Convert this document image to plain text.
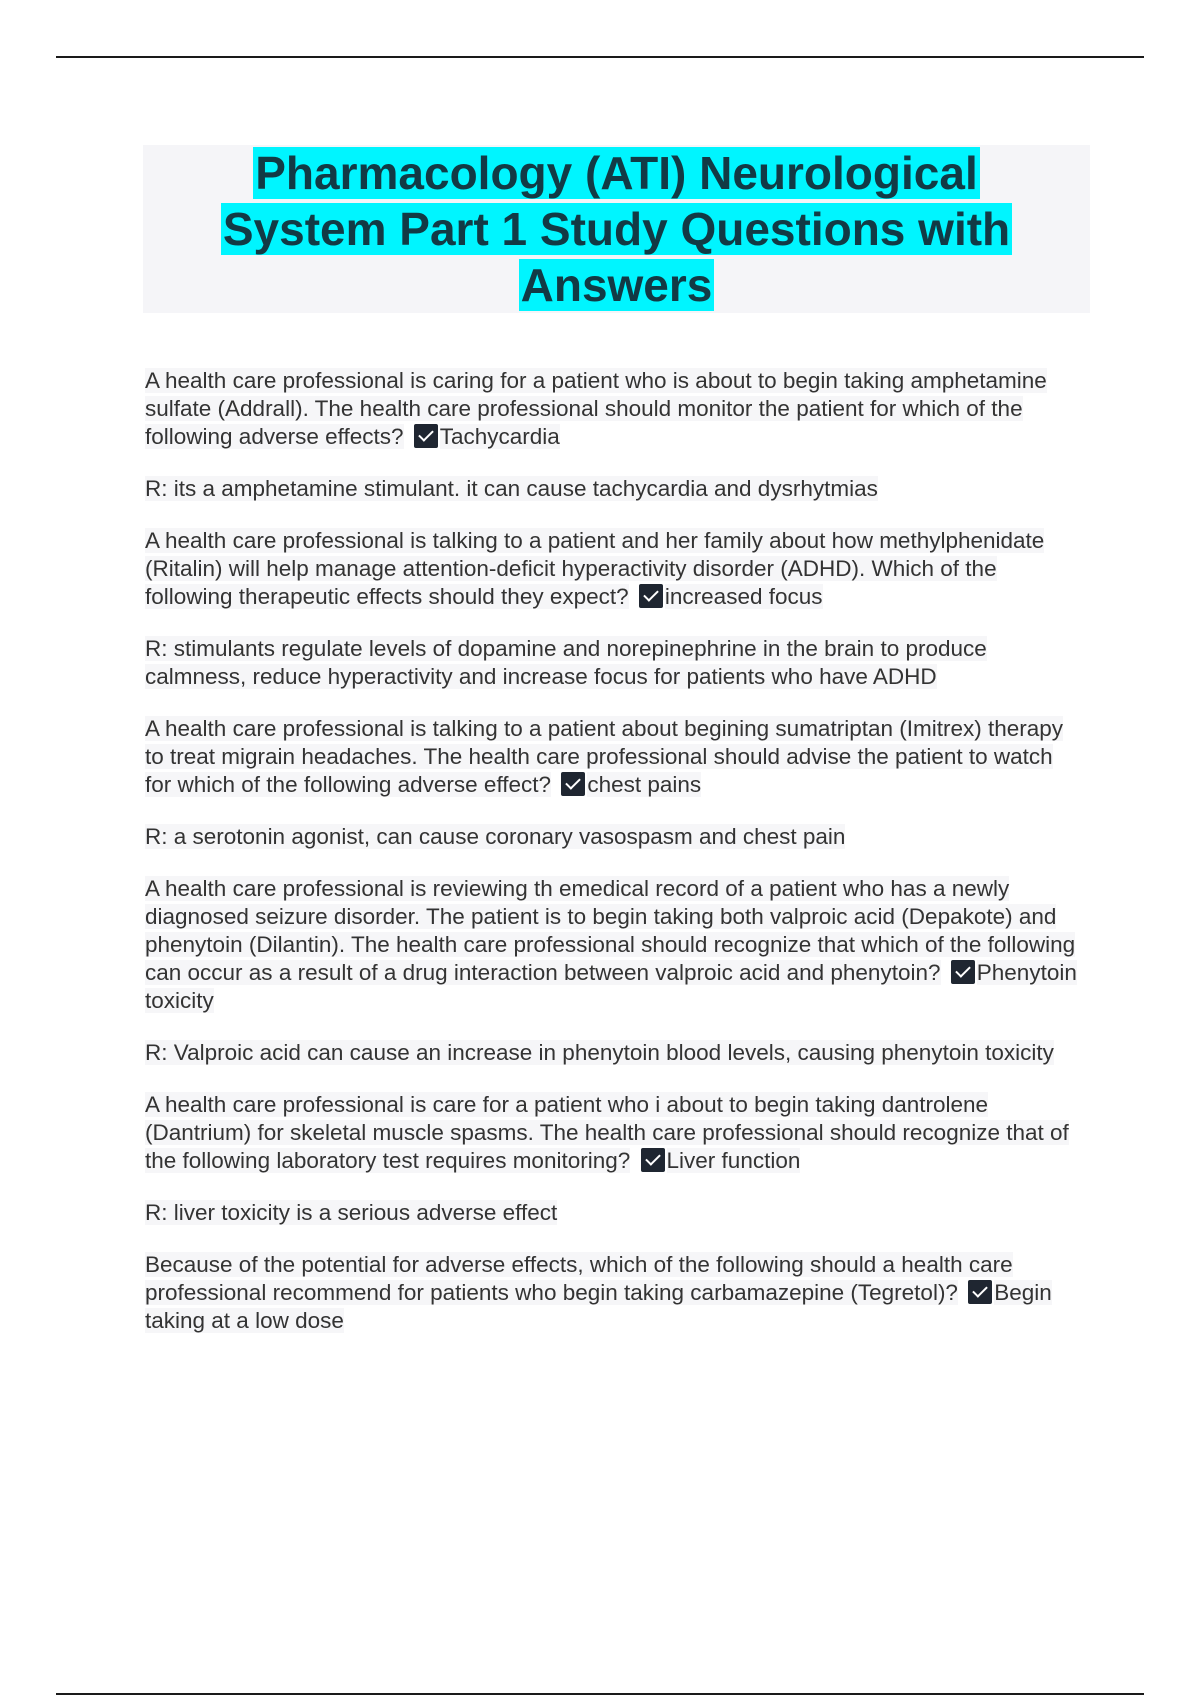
Pharmacology (ATI) Neurological
System Part 1 Study Questions with
Answers

A health care professional is caring for a patient who is about to begin taking amphetamine sulfate (Addrall). The health care professional should monitor the patient for which of the following adverse effects? Tachycardia

R: its a amphetamine stimulant. it can cause tachycardia and dysrhytmias

A health care professional is talking to a patient and her family about how methylphenidate (Ritalin) will help manage attention-deficit hyperactivity disorder (ADHD). Which of the following therapeutic effects should they expect? increased focus

R: stimulants regulate levels of dopamine and norepinephrine in the brain to produce calmness, reduce hyperactivity and increase focus for patients who have ADHD

A health care professional is talking to a patient about begining sumatriptan (Imitrex) therapy to treat migrain headaches. The health care professional should advise the patient to watch for which of the following adverse effect? chest pains

R: a serotonin agonist, can cause coronary vasospasm and chest pain

A health care professional is reviewing th emedical record of a patient who has a newly diagnosed seizure disorder. The patient is to begin taking both valproic acid (Depakote) and phenytoin (Dilantin). The health care professional should recognize that which of the following can occur as a result of a drug interaction between valproic acid and phenytoin? Phenytoin toxicity

R: Valproic acid can cause an increase in phenytoin blood levels, causing phenytoin toxicity

A health care professional is care for a patient who i about to begin taking dantrolene (Dantrium) for skeletal muscle spasms. The health care professional should recognize that of the following laboratory test requires monitoring? Liver function

R: liver toxicity is a serious adverse effect

Because of the potential for adverse effects, which of the following should a health care professional recommend for patients who begin taking carbamazepine (Tegretol)? Begin taking at a low dose
